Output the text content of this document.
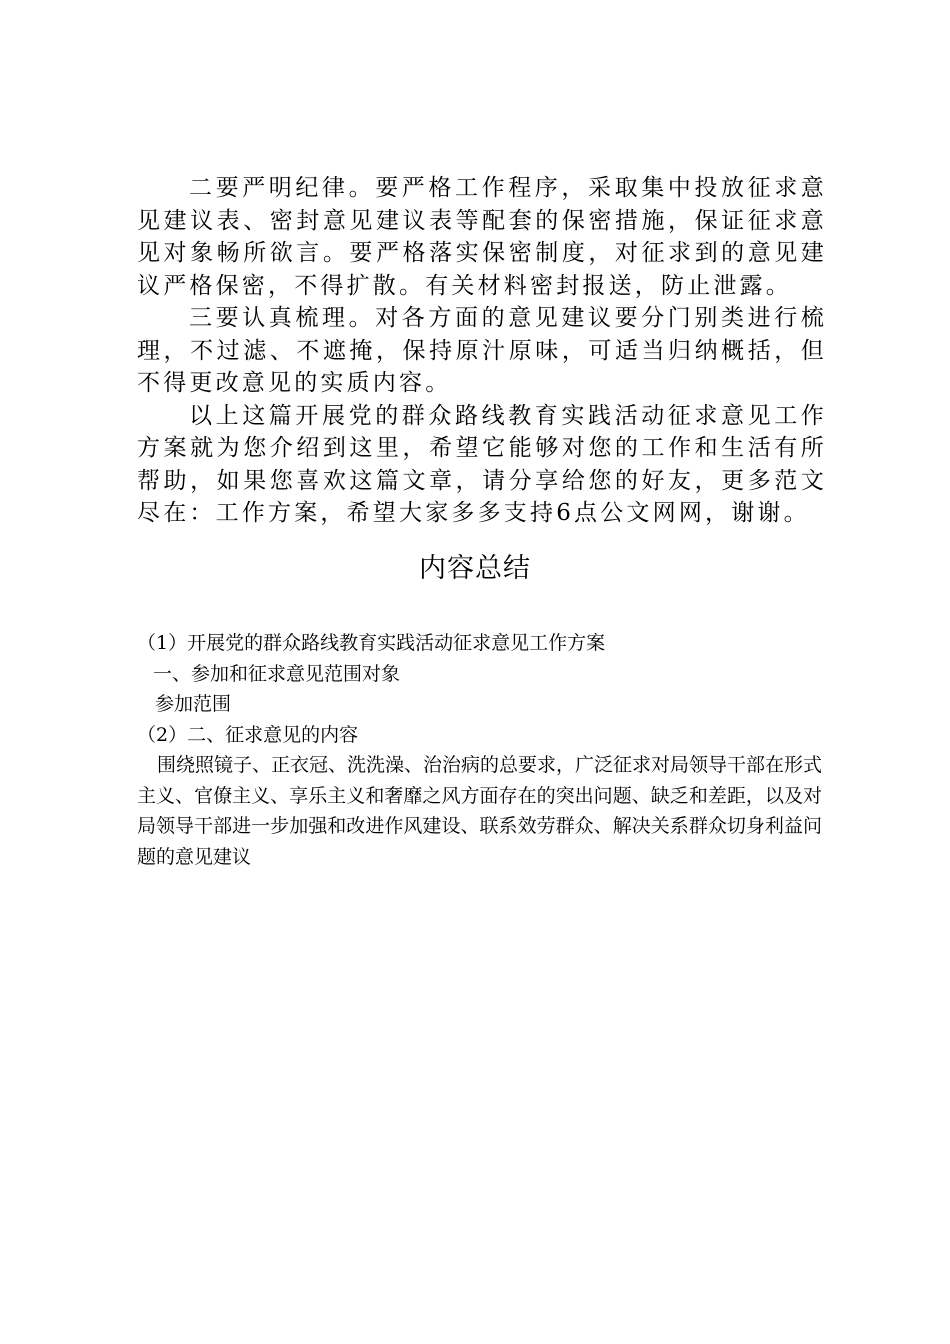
二要严明纪律。要严格工作程序，采取集中投放征求意见建议表、密封意见建议表等配套的保密措施，保证征求意见对象畅所欲言。要严格落实保密制度，对征求到的意见建议严格保密，不得扩散。有关材料密封报送，防止泄露。

三要认真梳理。对各方面的意见建议要分门别类进行梳理，不过滤、不遮掩，保持原汁原味，可适当归纳概括，但不得更改意见的实质内容。

以上这篇开展党的群众路线教育实践活动征求意见工作方案就为您介绍到这里，希望它能够对您的工作和生活有所帮助，如果您喜欢这篇文章，请分享给您的好友，更多范文尽在：工作方案，希望大家多多支持6点公文网网，谢谢。

内容总结

（1）开展党的群众路线教育实践活动征求意见工作方案

一、参加和征求意见范围对象

参加范围

（2）二、征求意见的内容

围绕照镜子、正衣冠、洗洗澡、治治病的总要求，广泛征求对局领导干部在形式主义、官僚主义、享乐主义和奢靡之风方面存在的突出问题、缺乏和差距，以及对局领导干部进一步加强和改进作风建设、联系效劳群众、解决关系群众切身利益问题的意见建议
